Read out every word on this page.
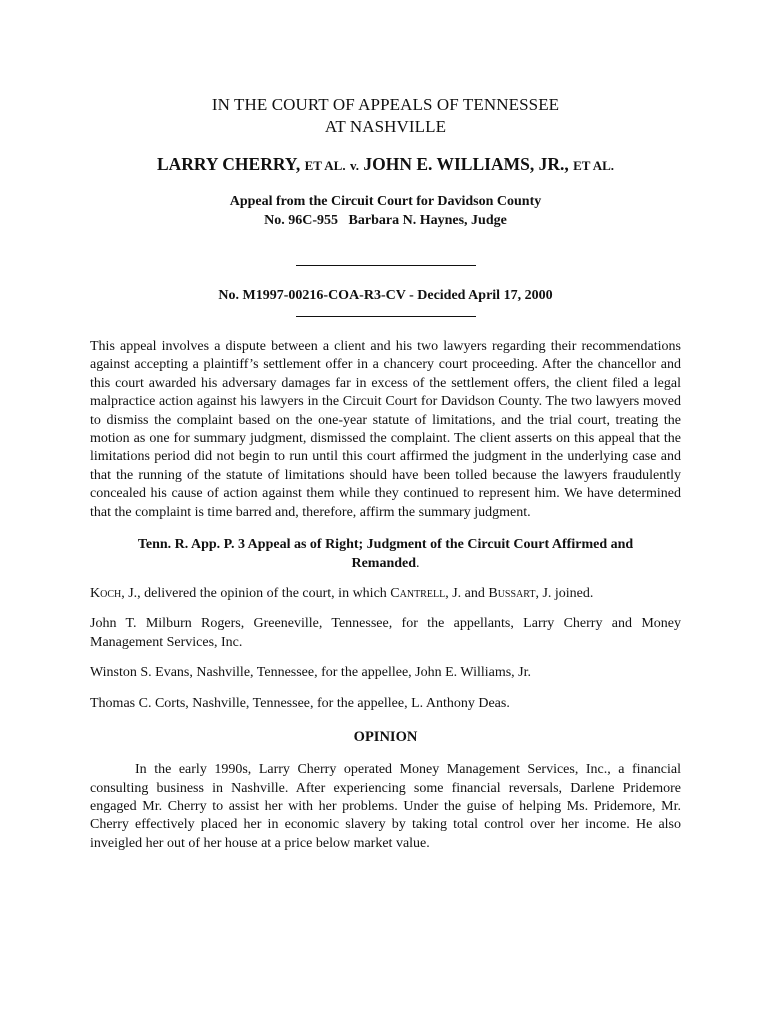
IN THE COURT OF APPEALS OF TENNESSEE
AT NASHVILLE
LARRY CHERRY, ET AL. v. JOHN E. WILLIAMS, JR., ET AL.
Appeal from the Circuit Court for Davidson County
No. 96C-955   Barbara N. Haynes, Judge
No. M1997-00216-COA-R3-CV - Decided April 17, 2000
This appeal involves a dispute between a client and his two lawyers regarding their recommendations against accepting a plaintiff’s settlement offer in a chancery court proceeding. After the chancellor and this court awarded his adversary damages far in excess of the settlement offers, the client filed a legal malpractice action against his lawyers in the Circuit Court for Davidson County. The two lawyers moved to dismiss the complaint based on the one-year statute of limitations, and the trial court, treating the motion as one for summary judgment, dismissed the complaint. The client asserts on this appeal that the limitations period did not begin to run until this court affirmed the judgment in the underlying case and that the running of the statute of limitations should have been tolled because the lawyers fraudulently concealed his cause of action against them while they continued to represent him. We have determined that the complaint is time barred and, therefore, affirm the summary judgment.
Tenn. R. App. P. 3 Appeal as of Right; Judgment of the Circuit Court Affirmed and Remanded.
Koch, J., delivered the opinion of the court, in which Cantrell, J. and Bussart, J. joined.
John T. Milburn Rogers, Greeneville, Tennessee, for the appellants, Larry Cherry and Money Management Services, Inc.
Winston S. Evans, Nashville, Tennessee, for the appellee, John E. Williams, Jr.
Thomas C. Corts, Nashville, Tennessee, for the appellee, L. Anthony Deas.
OPINION
In the early 1990s, Larry Cherry operated Money Management Services, Inc., a financial consulting business in Nashville. After experiencing some financial reversals, Darlene Pridemore engaged Mr. Cherry to assist her with her problems. Under the guise of helping Ms. Pridemore, Mr. Cherry effectively placed her in economic slavery by taking total control over her income. He also inveigled her out of her house at a price below market value.
